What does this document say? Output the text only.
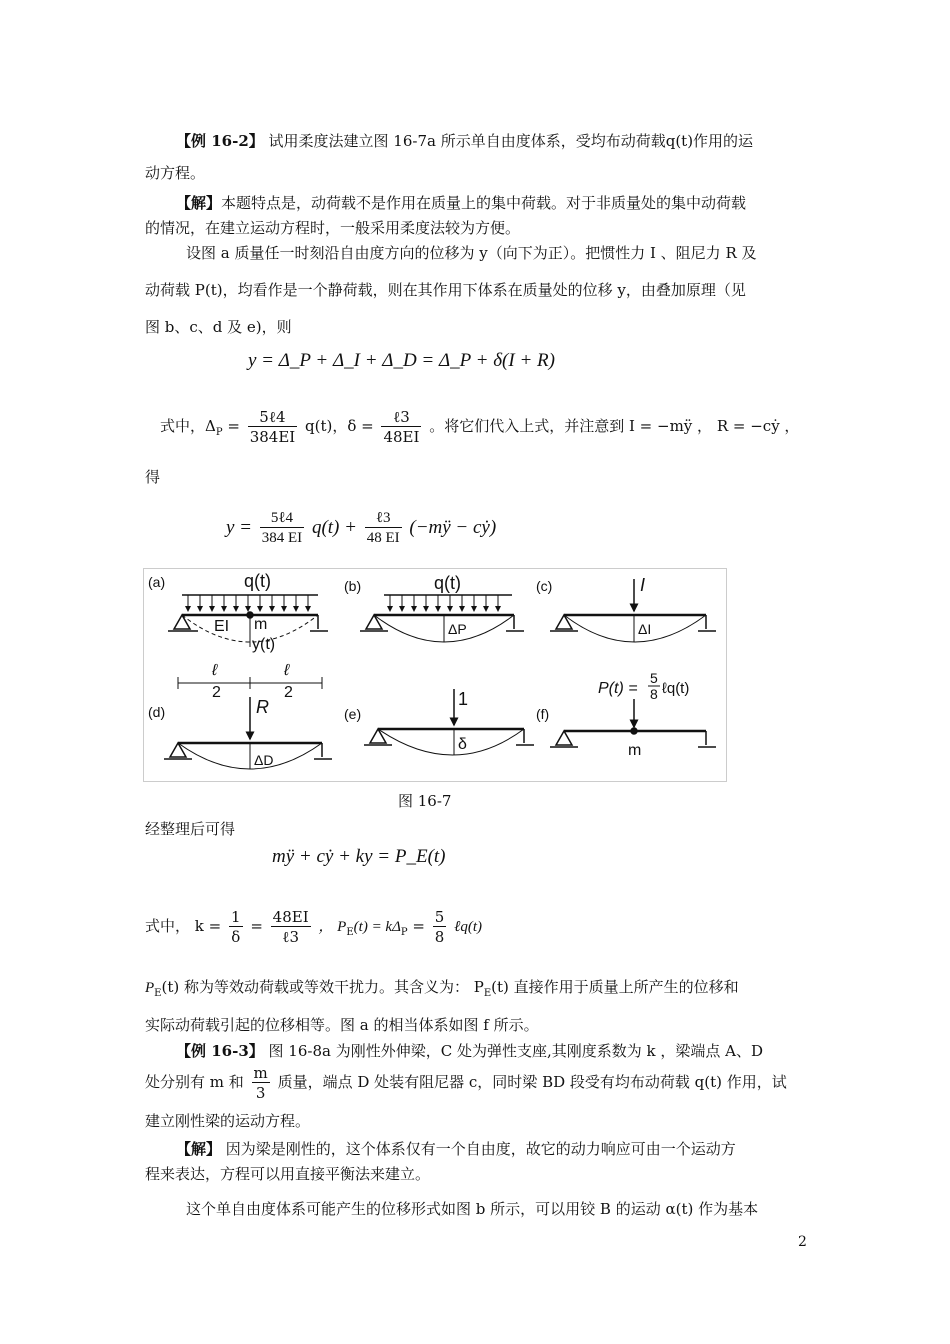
【例 16-2】 试用柔度法建立图 16-7a 所示单自由度体系，受均布动荷载q(t)作用的运
动方程。
【解】本题特点是，动荷载不是作用在质量上的集中荷载。对于非质量处的集中动荷载
的情况，在建立运动方程时，一般采用柔度法较为方便。
设图 a 质量任一时刻沿自由度方向的位移为 y（向下为正）。把惯性力 I 、阻尼力 R 及
动荷载 P(t)，均看作是一个静荷载，则在其作用下体系在质量处的位移 y，由叠加原理（见
图 b、c、d 及 e)，则
y = Δ_P + Δ_I + Δ_D = Δ_P + δ(I + R)
式中，$\Delta_P = \frac{\text{5ℓ4}}{384EI} q(t)$，$\delta = \frac{\text{ℓ3}}{48EI}$ 。将它们代入上式，并注意到 I = −mÿ ， R = −cẏ ，
得
$y = \frac{\text{5ℓ4}}{384 EI} q(t) + \frac{\text{ℓ3}}{48 EI}$ (−mÿ − cẏ)
(a)	q(t)
EI m
y(t)
(b)	q(t)
ΔP
(c)	I
ΔI
ℓ
2
ℓ
2
(d)	R
ΔD
(e)
1
δ
(f)
P(t) =
5
8 ℓq(t)
m
图 16-7
经整理后可得
mÿ + cẏ + ky = P_E(t)
式中， $k = \frac{1}{\delta} = \frac{48EI}{\text{ℓ3}}$ ， $P_E(t) = k\Delta_P = \frac{5}{8}$ ℓq(t)
$P_E(t)$ 称为等效动荷载或等效干扰力。其含义为： $P_E(t)$ 直接作用于质量上所产生的位移和
实际动荷载引起的位移相等。图 a 的相当体系如图 f 所示。
【例 16-3】 图 16-8a 为刚性外伸梁，C 处为弹性支座,其刚度系数为 k ，梁端点 A、D
处分别有 m 和 $\frac{m}{3}$ 质量，端点 D 处装有阻尼器 c，同时梁 BD 段受有均布动荷载 q(t) 作用，试
建立刚性梁的运动方程。
【解】 因为梁是刚性的，这个体系仅有一个自由度，故它的动力响应可由一个运动方
程来表达，方程可以用直接平衡法来建立。
这个单自由度体系可能产生的位移形式如图 b 所示，可以用铰 B 的运动 α(t) 作为基本
2
